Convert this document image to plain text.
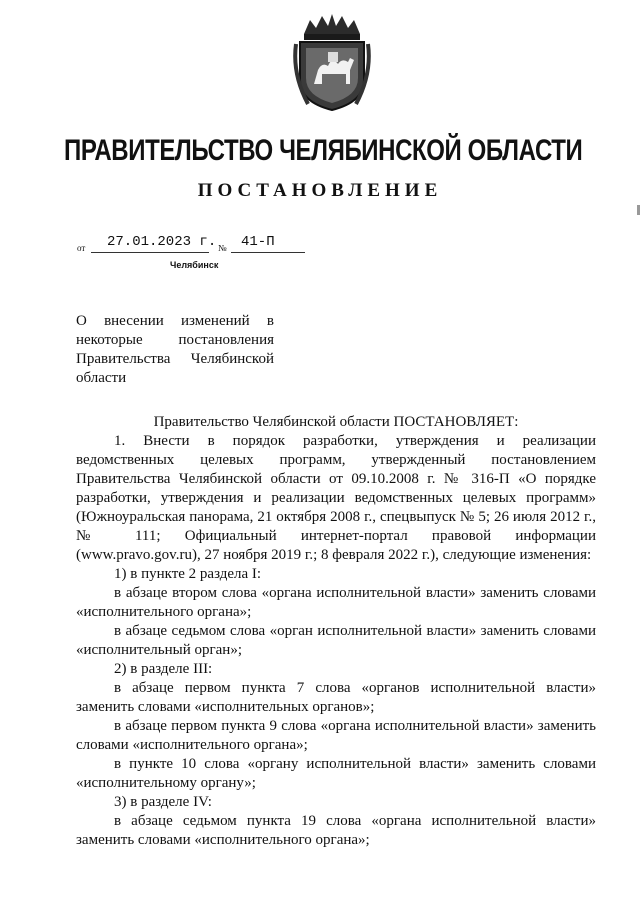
ПРАВИТЕЛЬСТВО ЧЕЛЯБИНСКОЙ ОБЛАСТИ
ПОСТАНОВЛЕНИЕ
от 27.01.2023 г. № 41-П
Челябинск
О внесении изменений в некоторые постановления Правительства Челябинской области

Правительство Челябинской области ПОСТАНОВЛЯЕТ:

1. Внести в порядок разработки, утверждения и реализации ведомственных целевых программ, утвержденный постановлением Правительства Челябинской области от 09.10.2008 г. № 316-П «О порядке разработки, утверждения и реализации ведомственных целевых программ» (Южноуральская панорама, 21 октября 2008 г., спецвыпуск № 5; 26 июля 2012 г., № 111; Официальный интернет-портал правовой информации (www.pravo.gov.ru), 27 ноября 2019 г.; 8 февраля 2022 г.), следующие изменения:

1) в пункте 2 раздела I:

в абзаце втором слова «органа исполнительной власти» заменить словами «исполнительного органа»;

в абзаце седьмом слова «орган исполнительной власти» заменить словами «исполнительный орган»;

2) в разделе III:

в абзаце первом пункта 7 слова «органов исполнительной власти» заменить словами «исполнительных органов»;

в абзаце первом пункта 9 слова «органа исполнительной власти» заменить словами «исполнительного органа»;

в пункте 10 слова «органу исполнительной власти» заменить словами «исполнительному органу»;

3) в разделе IV:

в абзаце седьмом пункта 19 слова «органа исполнительной власти» заменить словами «исполнительного органа»;
